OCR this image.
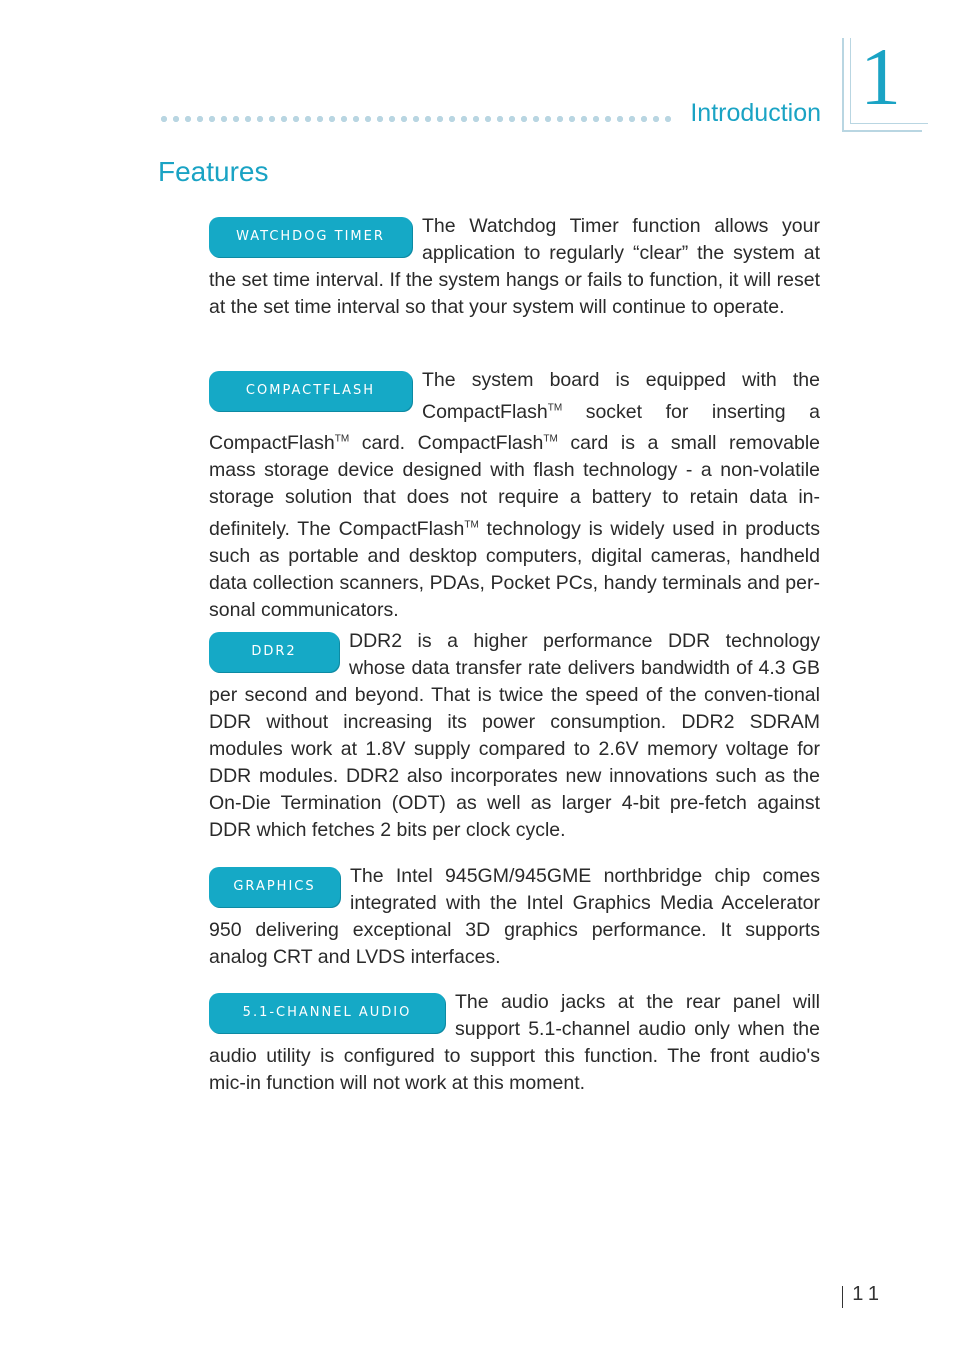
Introduction 1
Features
WATCHDOG TIMER	The Watchdog Timer function allows your application to regularly “clear” the system at the set time interval. If the system hangs or fails to function, it will reset at the set time interval so that your system will continue to operate.
COMPACTFLASH	The system board is equipped with the CompactFlash™ socket for inserting a CompactFlash™ card. CompactFlash™ card is a small removable mass storage device designed with flash technology - a non-volatile storage solution that does not require a battery to retain data in-definitely. The CompactFlash™ technology is widely used in products such as portable and desktop computers, digital cameras, handheld data collection scanners, PDAs, Pocket PCs, handy terminals and per-sonal communicators.
DDR2	DDR2 is a higher performance DDR technology whose data transfer rate delivers bandwidth of 4.3 GB per second and beyond. That is twice the speed of the conven-tional DDR without increasing its power consumption. DDR2 SDRAM modules work at 1.8V supply compared to 2.6V memory voltage for DDR modules. DDR2 also incorporates new innovations such as the On-Die Termination (ODT) as well as larger 4-bit pre-fetch against DDR which fetches 2 bits per clock cycle.
GRAPHICS	The Intel 945GM/945GME northbridge chip comes integrated with the Intel Graphics Media Accelerator 950 delivering exceptional 3D graphics performance. It supports analog CRT and LVDS interfaces.
5.1-CHANNEL AUDIO	The audio jacks at the rear panel will support 5.1-channel audio only when the audio utility is configured to support this function. The front audio's mic-in function will not work at this moment.
11
